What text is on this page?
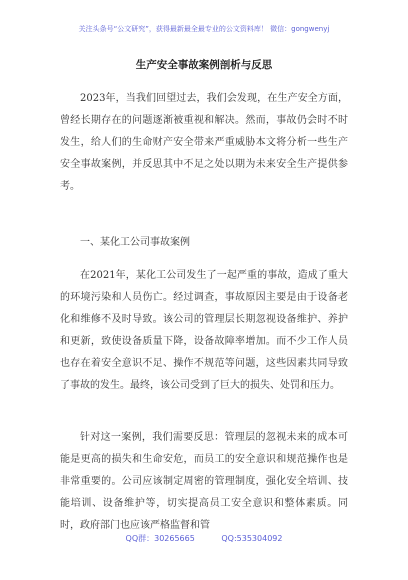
关注头条号“公文研究”，获得最新最全最专业的公文资料库！ 微信：gongwenyj
生产安全事故案例剖析与反思

2023年，当我们回望过去，我们会发现，在生产安全方面，曾经长期存在的问题逐渐被重视和解决。然而，事故仍会时不时发生，给人们的生命财产安全带来严重威胁本文将分析一些生产安全事故案例，并反思其中不足之处以期为未来安全生产提供参考。

一、某化工公司事故案例

在2021年，某化工公司发生了一起严重的事故，造成了重大的环境污染和人员伤亡。经过调查，事故原因主要是由于设备老化和维修不及时导致。该公司的管理层长期忽视设备维护、养护和更新，致使设备质量下降，设备故障率增加。而不少工作人员也存在着安全意识不足、操作不规范等问题，这些因素共同导致了事故的发生。最终，该公司受到了巨大的损失、处罚和压力。

针对这一案例，我们需要反思：管理层的忽视未来的成本可能是更高的损失和生命安危，而员工的安全意识和规范操作也是非常重要的。公司应该制定周密的管理制度，强化安全培训、技能培训、设备维护等，切实提高员工安全意识和整体素质。同时，政府部门也应该严格监督和管

QQ群：30265665	QQ:535304092
